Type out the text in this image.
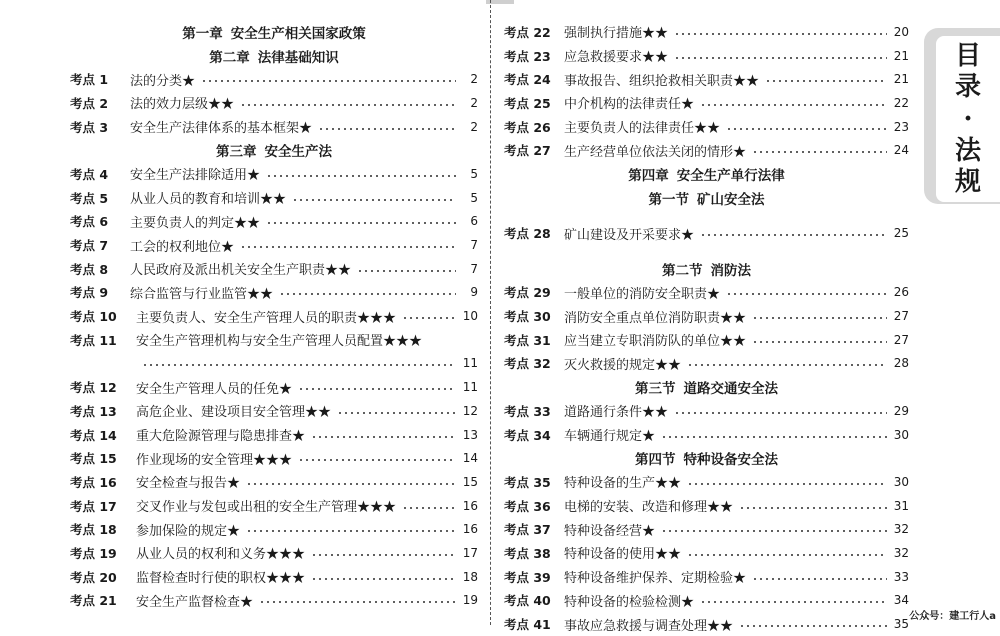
第一章 安全生产相关国家政策
第二章 法律基础知识
考点 1	法的分类★	2
考点 2	法的效力层级★★	2
考点 3	安全生产法律体系的基本框架★	2
第三章 安全生产法
考点 4	安全生产法排除适用★	5
考点 5	从业人员的教育和培训★★	5
考点 6	主要负责人的判定★★	6
考点 7	工会的权利地位★	7
考点 8	人民政府及派出机关安全生产职责★★	7
考点 9	综合监管与行业监管★★	9
考点 10	主要负责人、安全生产管理人员的职责★★★	10
考点 11	安全生产管理机构与安全生产管理人员配置★★★
11
考点 12	安全生产管理人员的任免★	11
考点 13	高危企业、建设项目安全管理★★	12
考点 14	重大危险源管理与隐患排查★	13
考点 15	作业现场的安全管理★★★	14
考点 16	安全检查与报告★	15
考点 17	交叉作业与发包或出租的安全生产管理★★★	16
考点 18	参加保险的规定★	16
考点 19	从业人员的权利和义务★★★	17
考点 20	监督检查时行使的职权★★★	18
考点 21	安全生产监督检查★	19
考点 22	强制执行措施★★	20
考点 23	应急救援要求★★	21
考点 24	事故报告、组织抢救相关职责★★	21
考点 25	中介机构的法律责任★	22
考点 26	主要负责人的法律责任★★	23
考点 27	生产经营单位依法关闭的情形★	24
第四章 安全生产单行法律
第一节 矿山安全法
考点 28	矿山建设及开采要求★	25
第二节 消防法
考点 29	一般单位的消防安全职责★	26
考点 30	消防安全重点单位消防职责★★	27
考点 31	应当建立专职消防队的单位★★	27
考点 32	灭火救援的规定★★	28
第三节 道路交通安全法
考点 33	道路通行条件★★	29
考点 34	车辆通行规定★	30
第四节 特种设备安全法
考点 35	特种设备的生产★★	30
考点 36	电梯的安装、改造和修理★★	31
考点 37	特种设备经营★	32
考点 38	特种设备的使用★★	32
考点 39	特种设备维护保养、定期检验★	33
考点 40	特种设备的检验检测★	34
考点 41	事故应急救援与调查处理★★	35
目
录
·
法
规
公众号：建工行人a
